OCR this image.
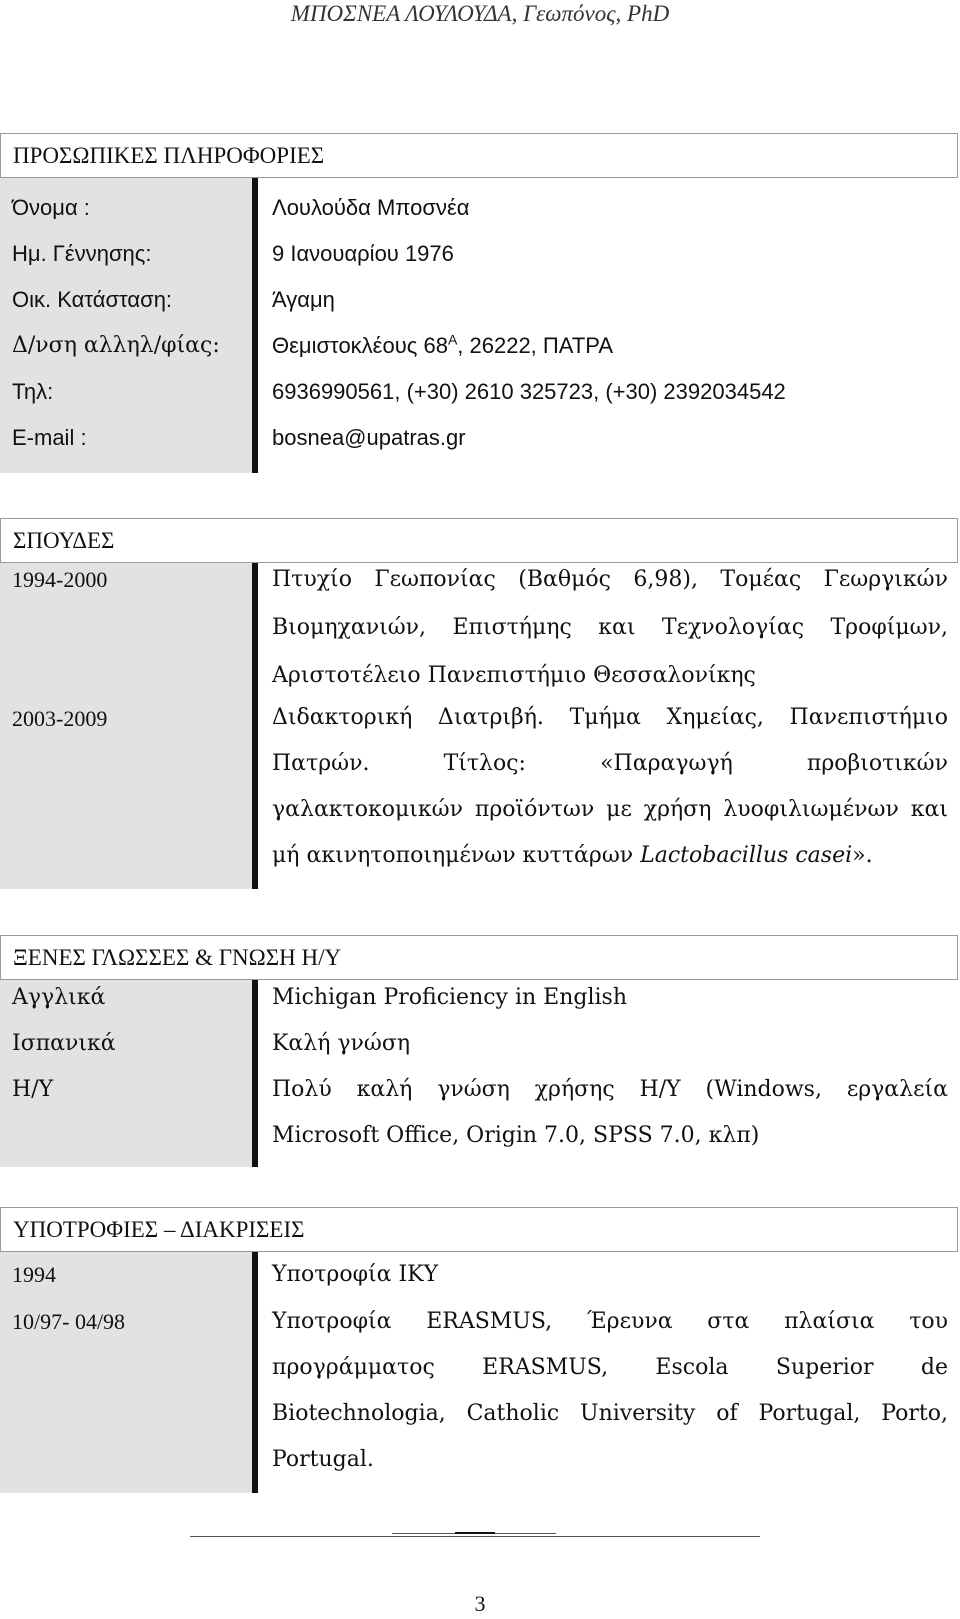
ΜΠΟΣΝΕΑ ΛΟΥΛΟΥΔΑ, Γεωπόνος, PhD
ΠΡΟΣΩΠΙΚΕΣ ΠΛΗΡΟΦΟΡΙΕΣ
Όνομα :	Λουλούδα Μποσνέα
Ημ. Γέννησης:	9 Ιανουαρίου 1976
Οικ. Κατάσταση:	Άγαμη
Δ/νση αλληλ/φίας:	Θεμιστοκλέους $68^A$, 26222, ΠΑΤΡΑ
Τηλ:	6936990561, (+30) 2610 325723, (+30) 2392034542
E-mail :	bosnea@upatras.gr
ΣΠΟΥΔΕΣ
1994-2000	Πτυχίο Γεωπονίας (Βαθμός 6,98), Τομέας Γεωργικών
Βιομηχανιών, Επιστήμης και Τεχνολογίας Τροφίμων,
Αριστοτέλειο Πανεπιστήμιο Θεσσαλονίκης
2003-2009	Διδακτορική Διατριβή. Τμήμα Χημείας, Πανεπιστήμιο
Πατρών. Τίτλος: «Παραγωγή προβιοτικών
γαλακτοκομικών προϊόντων με χρήση λυοφιλιωμένων και
μή ακινητοποιημένων κυττάρων Lactobacillus casei».
ΞΕΝΕΣ ΓΛΩΣΣΕΣ & ΓΝΩΣΗ Η/Υ
Αγγλικά	Michigan Proficiency in English
Ισπανικά	Καλή γνώση
Η/Υ	Πολύ καλή γνώση χρήσης Η/Υ (Windows, εργαλεία
Microsoft Office, Origin 7.0, SPSS 7.0, κλπ)
ΥΠΟΤΡΟΦΙΕΣ – ΔΙΑΚΡΙΣΕΙΣ
1994	Υποτροφία ΙΚΥ
10/97- 04/98	Υποτροφία ERASMUS, Έρευνα στα πλαίσια του
προγράμματος ERASMUS, Escola Superior de
Biotechnologia, Catholic University of Portugal, Porto,
Portugal.
3
